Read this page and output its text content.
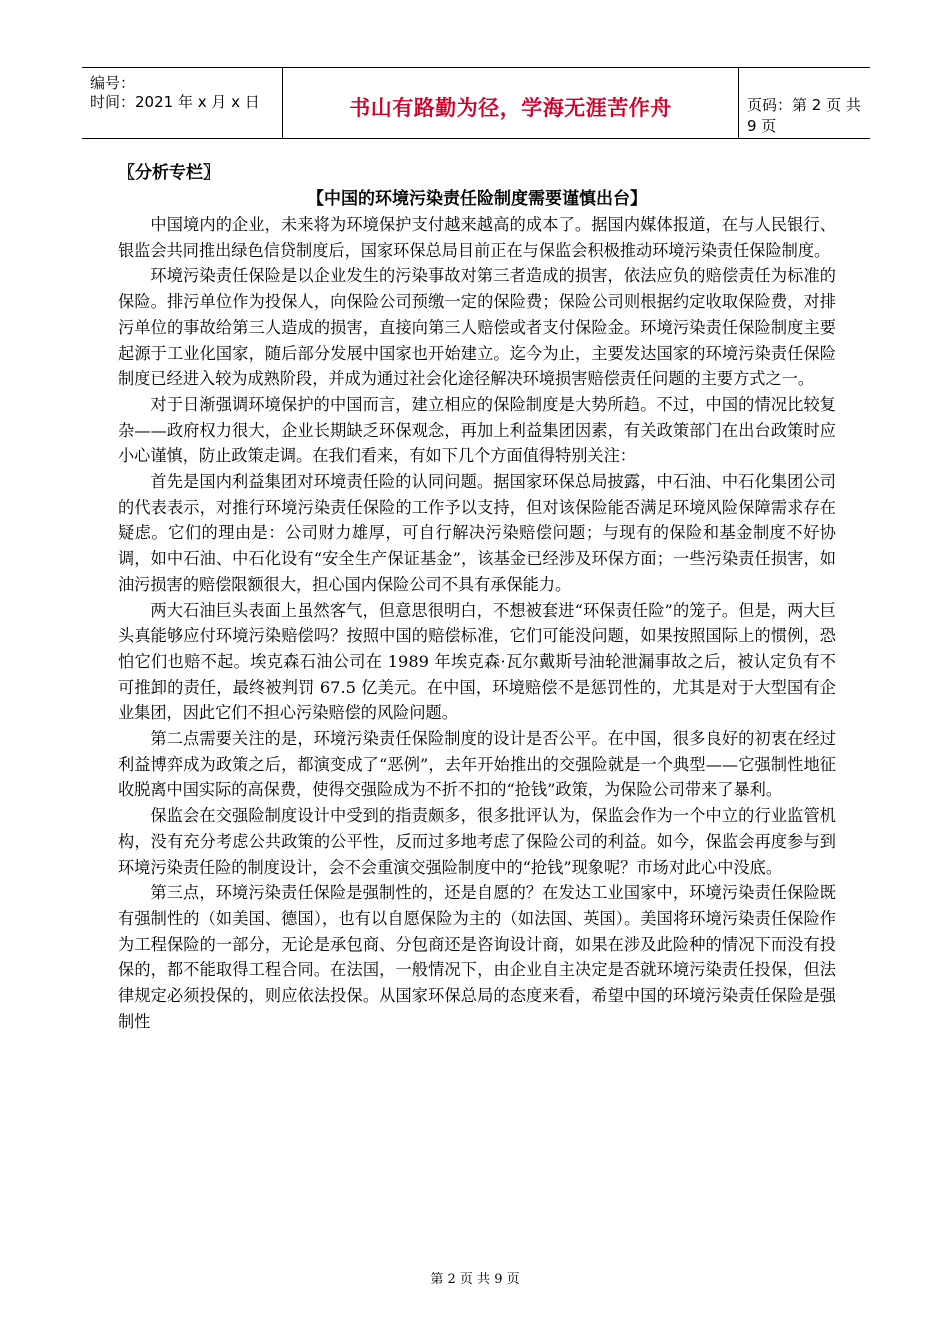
编号：
时间：2021 年 x 月 x 日	书山有路勤为径，学海无涯苦作舟	页码：第 2 页 共 9 页

〖分析专栏〗

【中国的环境污染责任险制度需要谨慎出台】

中国境内的企业，未来将为环境保护支付越来越高的成本了。据国内媒体报道，在与人民银行、银监会共同推出绿色信贷制度后，国家环保总局目前正在与保监会积极推动环境污染责任保险制度。

环境污染责任保险是以企业发生的污染事故对第三者造成的损害，依法应负的赔偿责任为标准的保险。排污单位作为投保人，向保险公司预缴一定的保险费；保险公司则根据约定收取保险费，对排污单位的事故给第三人造成的损害，直接向第三人赔偿或者支付保险金。环境污染责任保险制度主要起源于工业化国家，随后部分发展中国家也开始建立。迄今为止，主要发达国家的环境污染责任保险制度已经进入较为成熟阶段，并成为通过社会化途径解决环境损害赔偿责任问题的主要方式之一。

对于日渐强调环境保护的中国而言，建立相应的保险制度是大势所趋。不过，中国的情况比较复杂——政府权力很大，企业长期缺乏环保观念，再加上利益集团因素，有关政策部门在出台政策时应小心谨慎，防止政策走调。在我们看来，有如下几个方面值得特别关注：

首先是国内利益集团对环境责任险的认同问题。据国家环保总局披露，中石油、中石化集团公司的代表表示，对推行环境污染责任保险的工作予以支持，但对该保险能否满足环境风险保障需求存在疑虑。它们的理由是：公司财力雄厚，可自行解决污染赔偿问题；与现有的保险和基金制度不好协调，如中石油、中石化设有“安全生产保证基金”，该基金已经涉及环保方面；一些污染责任损害，如油污损害的赔偿限额很大，担心国内保险公司不具有承保能力。

两大石油巨头表面上虽然客气，但意思很明白，不想被套进“环保责任险”的笼子。但是，两大巨头真能够应付环境污染赔偿吗？按照中国的赔偿标准，它们可能没问题，如果按照国际上的惯例，恐怕它们也赔不起。埃克森石油公司在 1989 年埃克森·瓦尔戴斯号油轮泄漏事故之后，被认定负有不可推卸的责任，最终被判罚 67.5 亿美元。在中国，环境赔偿不是惩罚性的，尤其是对于大型国有企业集团，因此它们不担心污染赔偿的风险问题。

第二点需要关注的是，环境污染责任保险制度的设计是否公平。在中国，很多良好的初衷在经过利益博弈成为政策之后，都演变成了“恶例”，去年开始推出的交强险就是一个典型——它强制性地征收脱离中国实际的高保费，使得交强险成为不折不扣的“抢钱”政策，为保险公司带来了暴利。

保监会在交强险制度设计中受到的指责颇多，很多批评认为，保监会作为一个中立的行业监管机构，没有充分考虑公共政策的公平性，反而过多地考虑了保险公司的利益。如今，保监会再度参与到环境污染责任险的制度设计，会不会重演交强险制度中的“抢钱”现象呢？市场对此心中没底。

第三点，环境污染责任保险是强制性的，还是自愿的？在发达工业国家中，环境污染责任保险既有强制性的（如美国、德国），也有以自愿保险为主的（如法国、英国）。美国将环境污染责任保险作为工程保险的一部分，无论是承包商、分包商还是咨询设计商，如果在涉及此险种的情况下而没有投保的，都不能取得工程合同。在法国，一般情况下，由企业自主决定是否就环境污染责任投保，但法律规定必须投保的，则应依法投保。从国家环保总局的态度来看，希望中国的环境污染责任保险是强制性

第 2 页 共 9 页
